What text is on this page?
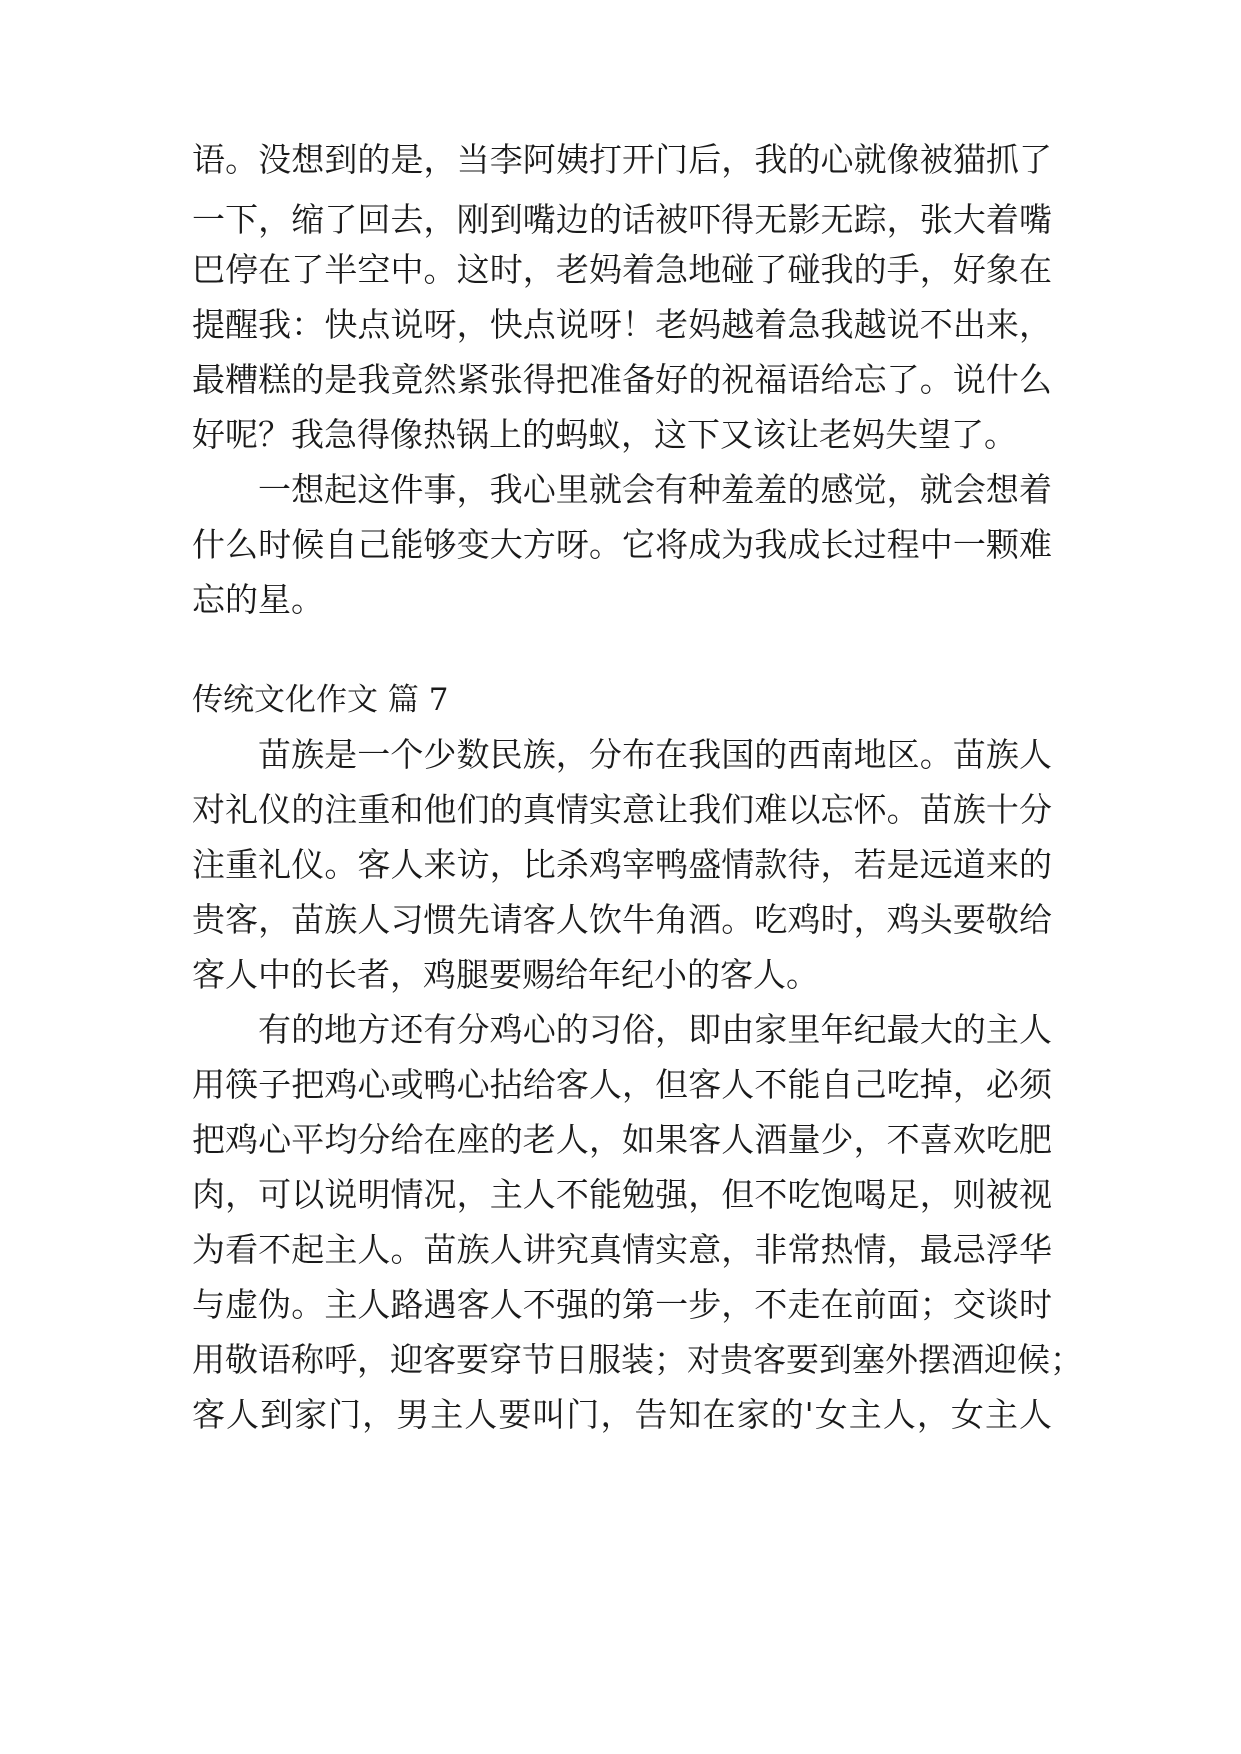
语。没想到的是，当李阿姨打开门后，我的心就像被猫抓了
一下，缩了回去，刚到嘴边的话被吓得无影无踪，张大着嘴
巴停在了半空中。这时，老妈着急地碰了碰我的手，好象在
提醒我：快点说呀，快点说呀！老妈越着急我越说不出来，
最糟糕的是我竟然紧张得把准备好的祝福语给忘了。说什么
好呢？我急得像热锅上的蚂蚁，这下又该让老妈失望了。
一想起这件事，我心里就会有种羞羞的感觉，就会想着
什么时候自己能够变大方呀。它将成为我成长过程中一颗难
忘的星。
传统文化作文 篇 7
苗族是一个少数民族，分布在我国的西南地区。苗族人
对礼仪的注重和他们的真情实意让我们难以忘怀。苗族十分
注重礼仪。客人来访，比杀鸡宰鸭盛情款待，若是远道来的
贵客，苗族人习惯先请客人饮牛角酒。吃鸡时，鸡头要敬给
客人中的长者，鸡腿要赐给年纪小的客人。
有的地方还有分鸡心的习俗，即由家里年纪最大的主人
用筷子把鸡心或鸭心拈给客人，但客人不能自己吃掉，必须
把鸡心平均分给在座的老人，如果客人酒量少，不喜欢吃肥
肉，可以说明情况，主人不能勉强，但不吃饱喝足，则被视
为看不起主人。苗族人讲究真情实意，非常热情，最忌浮华
与虚伪。主人路遇客人不强的第一步，不走在前面；交谈时
用敬语称呼，迎客要穿节日服装；对贵客要到塞外摆酒迎候；
客人到家门，男主人要叫门，告知在家的'女主人，女主人
